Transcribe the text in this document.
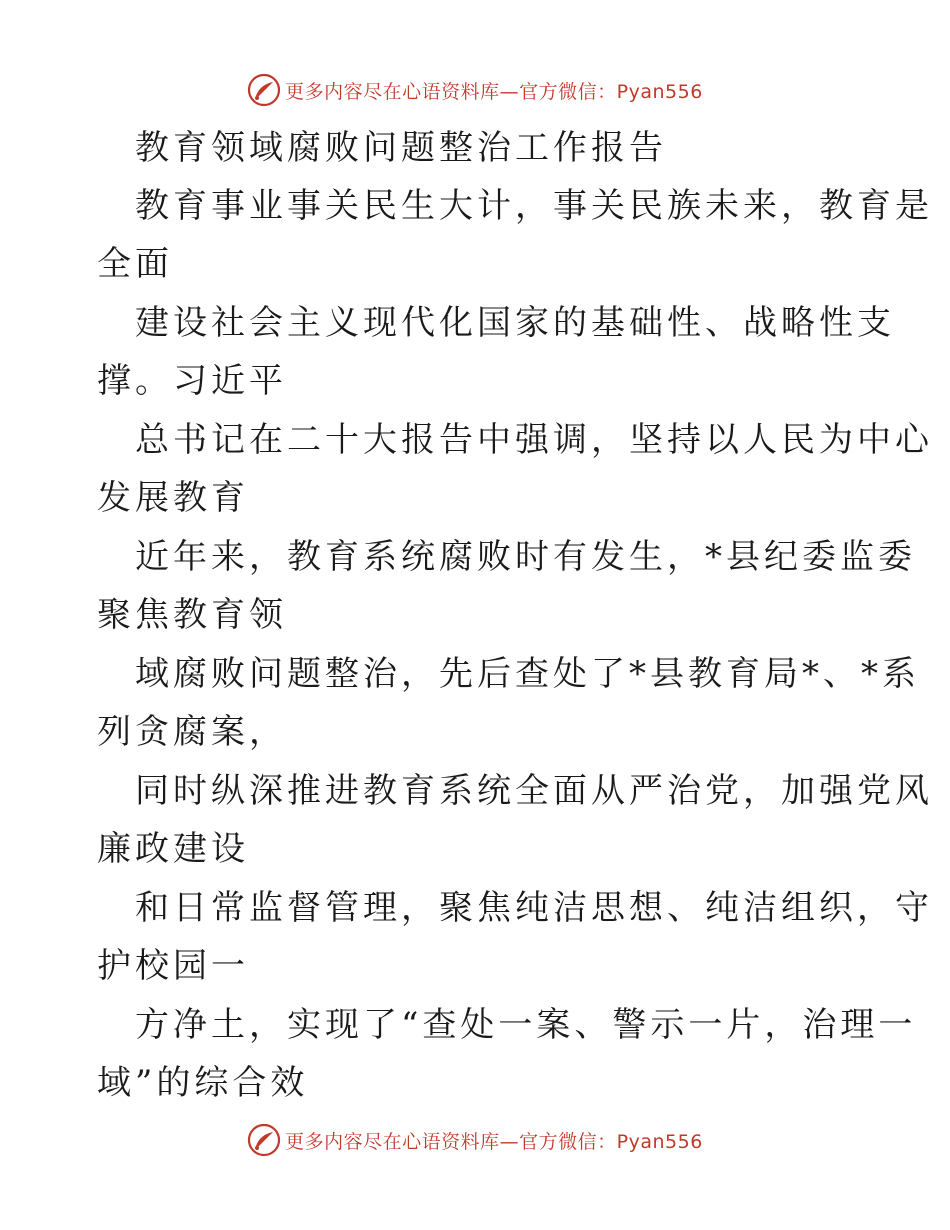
更多内容尽在心语资料库—官方微信：Pyan556
教育领域腐败问题整治工作报告
教育事业事关民生大计，事关民族未来，教育是
全面
建设社会主义现代化国家的基础性、战略性支
撑。习近平
总书记在二十大报告中强调，坚持以人民为中心
发展教育
近年来，教育系统腐败时有发生，*县纪委监委
聚焦教育领
域腐败问题整治，先后查处了*县教育局*、*系
列贪腐案，
同时纵深推进教育系统全面从严治党，加强党风
廉政建设
和日常监督管理，聚焦纯洁思想、纯洁组织，守
护校园一
方净土，实现了“查处一案、警示一片，治理一
域”的综合效
更多内容尽在心语资料库—官方微信：Pyan556
